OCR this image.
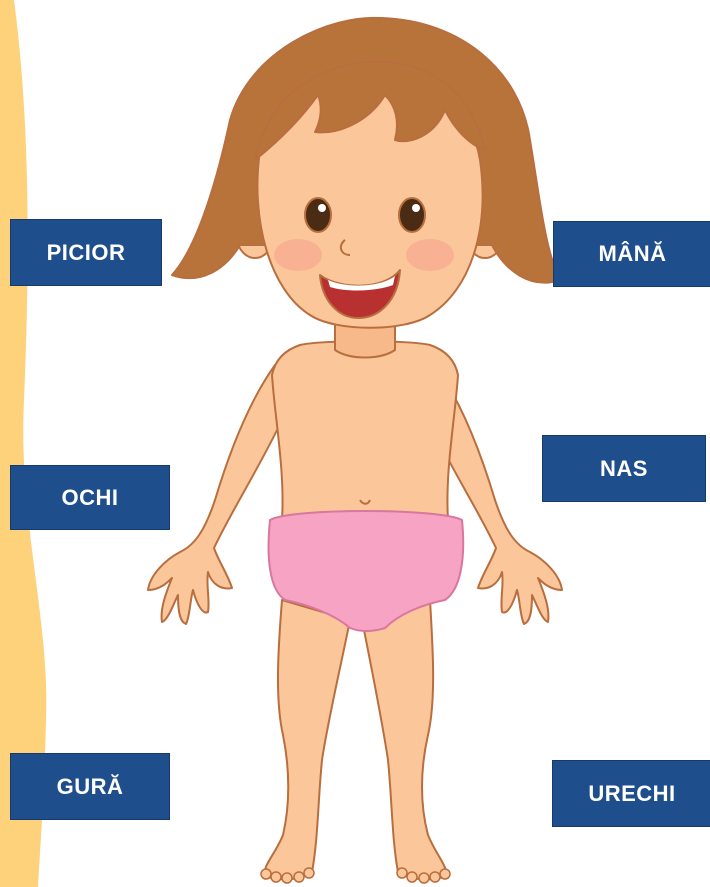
PICIOR
OCHI
GURĂ
MÂNĂ
NAS
URECHI
